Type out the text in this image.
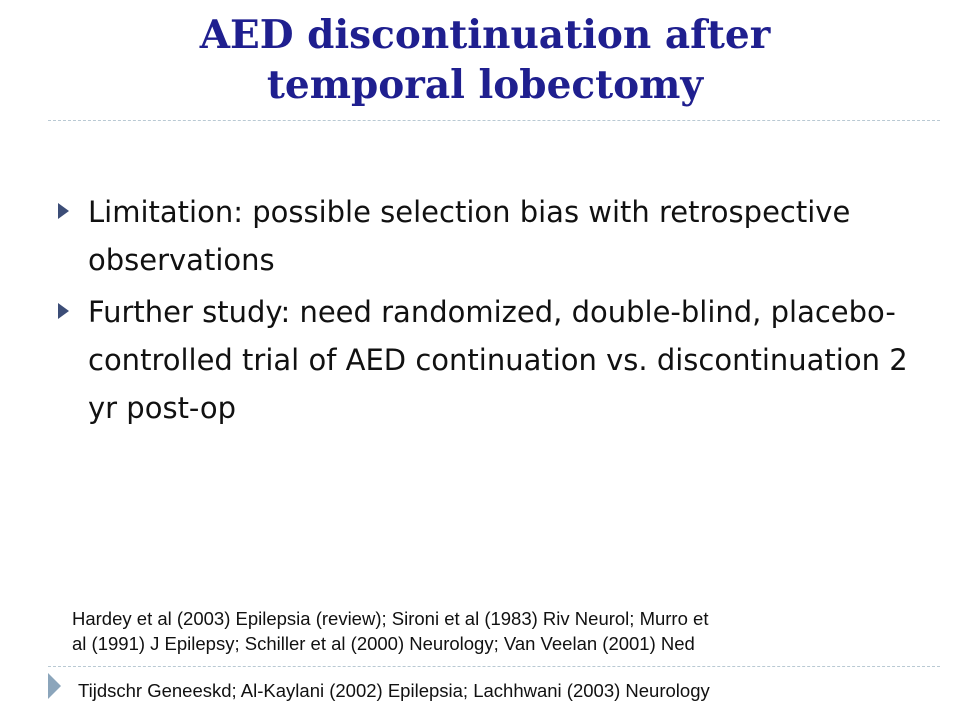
AED discontinuation after
temporal lobectomy
Limitation: possible selection bias with retrospective observations
Further study: need randomized, double-blind, placebo-controlled trial of AED continuation vs. discontinuation 2 yr post-op
Hardey et al (2003) Epilepsia (review); Sironi et al (1983) Riv Neurol; Murro et
al (1991) J Epilepsy; Schiller et al (2000) Neurology; Van Veelan (2001) Ned
Tijdschr Geneeskd; Al-Kaylani (2002) Epilepsia; Lachhwani (2003) Neurology
